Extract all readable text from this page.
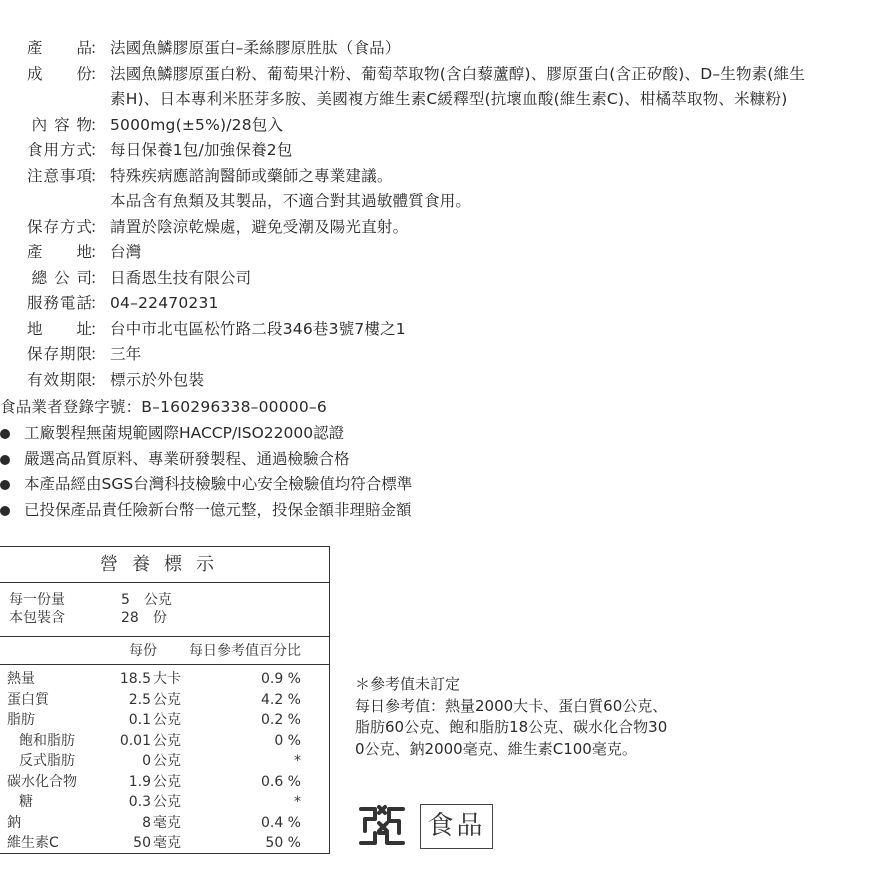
產　　品
： 法國魚鱗膠原蛋白–柔絲膠原胜肽（食品）
成　　份
： 法國魚鱗膠原蛋白粉、葡萄果汁粉、葡萄萃取物(含白藜蘆醇)、膠原蛋白(含正矽酸)、D–生物素(維生
素H)、日本專利米胚芽多胺、美國複方維生素C緩釋型(抗壞血酸(維生素C)、柑橘萃取物、米糠粉)
內 容 物
： 5000mg(±5%)/28包入
食用方式
： 每日保養1包/加強保養2包
注意事項
： 特殊疾病應諮詢醫師或藥師之專業建議。
本品含有魚類及其製品，不適合對其過敏體質食用。
保存方式
： 請置於陰涼乾燥處，避免受潮及陽光直射。
產　　地
： 台灣
總 公 司
： 日喬恩生技有限公司
服務電話
： 04–22470231
地　　址
： 台中市北屯區松竹路二段346巷3號7樓之1
保存期限
： 三年
有效期限
： 標示於外包裝
食品業者登錄字號：B–160296338–00000–6
工廠製程無菌規範國際HACCP/ISO22000認證
嚴選高品質原料、專業研發製程、通過檢驗合格
本產品經由SGS台灣科技檢驗中心安全檢驗值均符合標準
已投保產品責任險新台幣一億元整，投保金額非理賠金額
營養標示
每一份量	5　公克
本包裝含	28　份
每份 每日參考值百分比
熱量	18.5 大卡	0.9 %
蛋白質	2.5 公克	4.2 %
脂肪	0.1 公克	0.2 %
飽和脂肪	0.01 公克	0 %
反式脂肪	0 公克	*
碳水化合物	1.9 公克	0.6 %
糖	0.3 公克	*
鈉	8 毫克	0.4 %
維生素C	50 毫克	50 %
＊參考值未訂定
每日參考值：熱量2000大卡、蛋白質60公克、
脂肪60公克、飽和脂肪18公克、碳水化合物30
0公克、鈉2000毫克、維生素C100毫克。
食品
